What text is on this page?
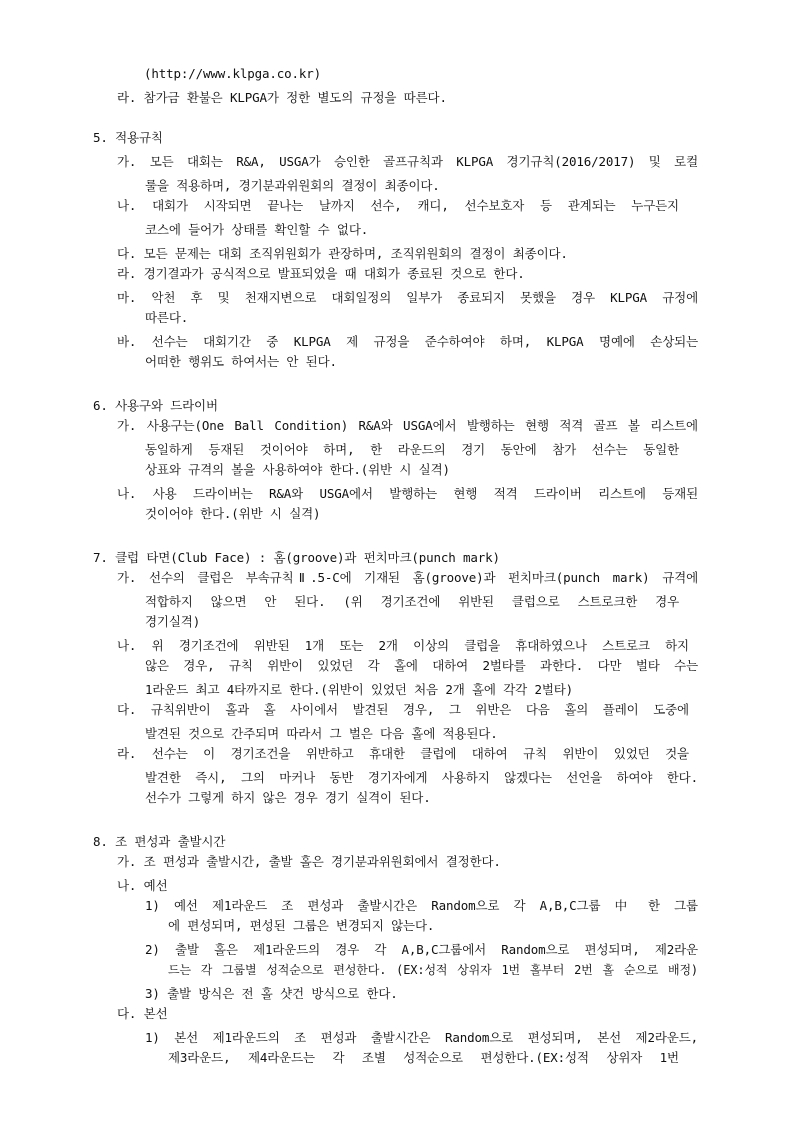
(http://www.klpga.co.kr)
라. 참가금 환불은 KLPGA가 정한 별도의 규정을 따른다.
5. 적용규칙
가. 모든 대회는 R&A, USGA가 승인한 골프규칙과 KLPGA 경기규칙(2016/2017) 및 로컬
룰을 적용하며, 경기분과위원회의 결정이 최종이다.
나. 대회가 시작되면 끝나는 날까지 선수, 캐디, 선수보호자 등 관계되는 누구든지
코스에 들어가 상태를 확인할 수 없다.
다. 모든 문제는 대회 조직위원회가 관장하며, 조직위원회의 결정이 최종이다.
라. 경기결과가 공식적으로 발표되었을 때 대회가 종료된 것으로 한다.
마. 악천 후 및 천재지변으로 대회일정의 일부가 종료되지 못했을 경우 KLPGA 규정에
따른다.
바. 선수는 대회기간 중 KLPGA 제 규정을 준수하여야 하며, KLPGA 명예에 손상되는
어떠한 행위도 하여서는 안 된다.
6. 사용구와 드라이버
가. 사용구는(One Ball Condition) R&A와 USGA에서 발행하는 현행 적격 골프 볼 리스트에
동일하게 등재된 것이어야 하며, 한 라운드의 경기 동안에 참가 선수는 동일한
상표와 규격의 볼을 사용하여야 한다.(위반 시 실격)
나. 사용 드라이버는 R&A와 USGA에서 발행하는 현행 적격 드라이버 리스트에 등재된
것이어야 한다.(위반 시 실격)
7. 클럽 타면(Club Face) : 홈(groove)과 펀치마크(punch mark)
가. 선수의 클럽은 부속규칙Ⅱ.5-C에 기재된 홈(groove)과 펀치마크(punch mark) 규격에
적합하지 않으면 안 된다. (위 경기조건에 위반된 클럽으로 스트로크한 경우
경기실격)
나. 위 경기조건에 위반된 1개 또는 2개 이상의 클럽을 휴대하였으나 스트로크 하지
않은 경우, 규칙 위반이 있었던 각 홀에 대하여 2벌타를 과한다. 다만 벌타 수는
1라운드 최고 4타까지로 한다.(위반이 있었던 처음 2개 홀에 각각 2벌타)
다. 규칙위반이 홀과 홀 사이에서 발견된 경우, 그 위반은 다음 홀의 플레이 도중에
발견된 것으로 간주되며 따라서 그 벌은 다음 홀에 적용된다.
라. 선수는 이 경기조건을 위반하고 휴대한 클럽에 대하여 규칙 위반이 있었던 것을
발견한 즉시, 그의 마커나 동반 경기자에게 사용하지 않겠다는 선언을 하여야 한다.
선수가 그렇게 하지 않은 경우 경기 실격이 된다.
8. 조 편성과 출발시간
가. 조 편성과 출발시간, 출발 홀은 경기분과위원회에서 결정한다.
나. 예선
1) 예선 제1라운드 조 편성과 출발시간은 Random으로 각 A,B,C그룹 中 한 그룹
에 편성되며, 편성된 그룹은 변경되지 않는다.
2) 출발 홀은 제1라운드의 경우 각 A,B,C그룹에서 Random으로 편성되며, 제2라운
드는 각 그룹별 성적순으로 편성한다. (EX:성적 상위자 1번 홀부터 2번 홀 순으로 배정)
3) 출발 방식은 전 홀 샷건 방식으로 한다.
다. 본선
1) 본선 제1라운드의 조 편성과 출발시간은 Random으로 편성되며, 본선 제2라운드,
제3라운드, 제4라운드는 각 조별 성적순으로 편성한다.(EX:성적 상위자 1번
